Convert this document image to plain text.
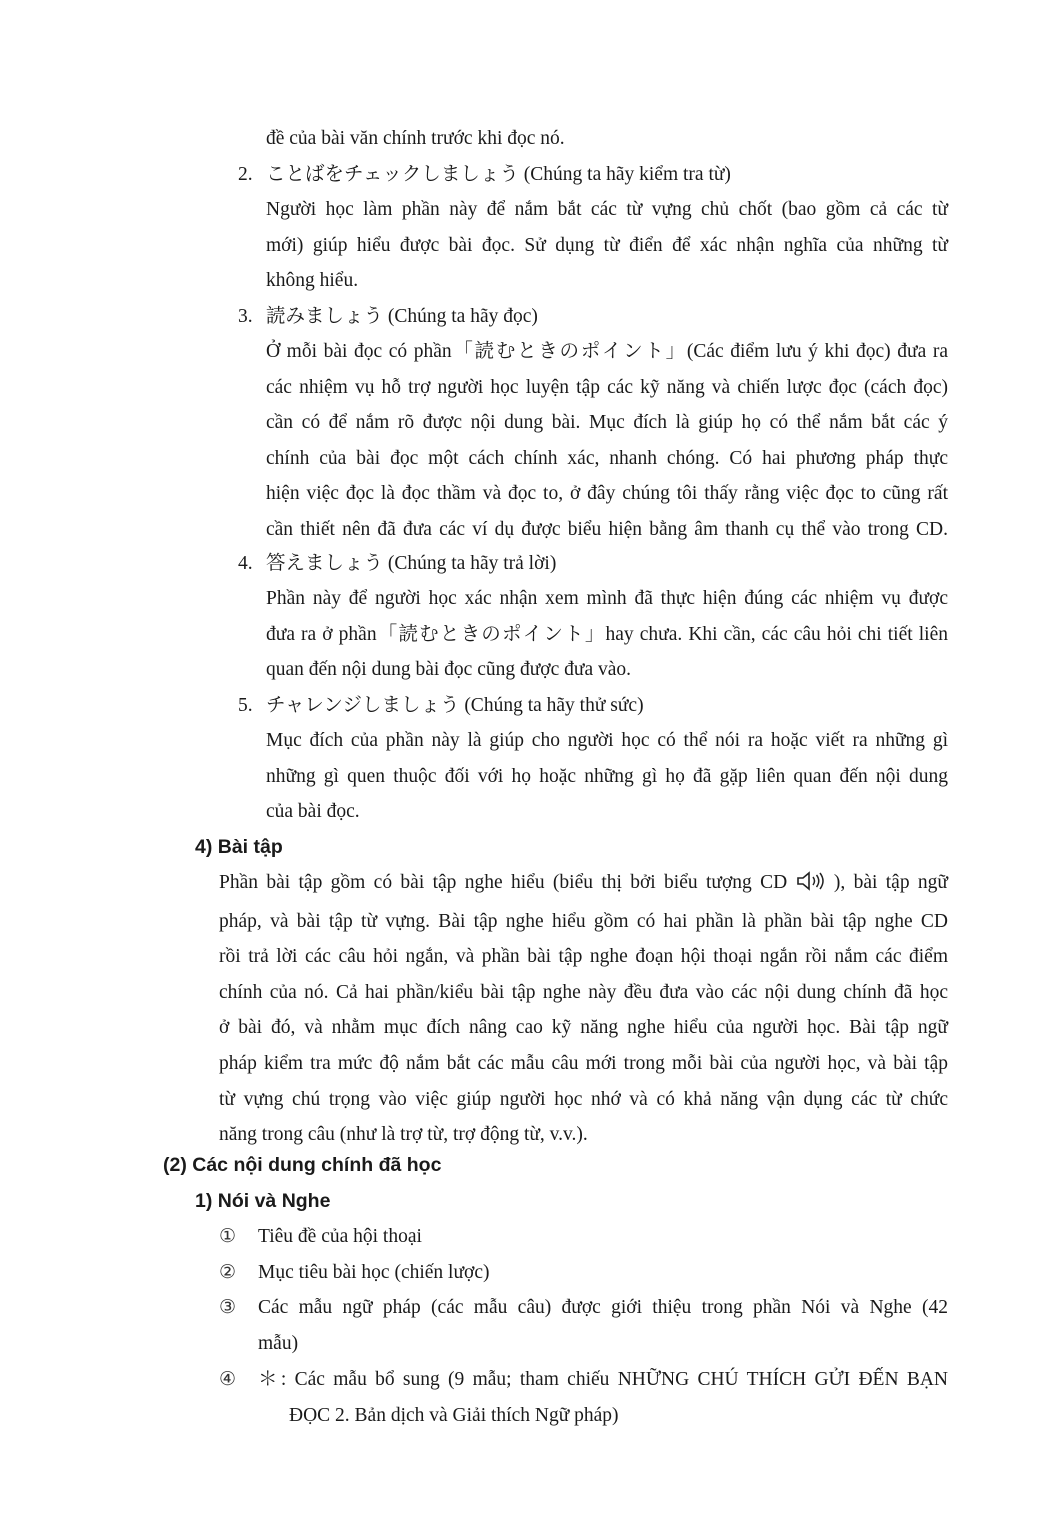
đề của bài văn chính trước khi đọc nó.
2. ことばをチェックしましょう (Chúng ta hãy kiểm tra từ)
Người học làm phần này để nắm bắt các từ vựng chủ chốt (bao gồm cả các từ
mới) giúp hiểu được bài đọc. Sử dụng từ điển để xác nhận nghĩa của những từ
không hiểu.
3. 読みましょう (Chúng ta hãy đọc)
Ở mỗi bài đọc có phần「読むときのポイント」(Các điểm lưu ý khi đọc) đưa ra
các nhiệm vụ hỗ trợ người học luyện tập các kỹ năng và chiến lược đọc (cách đọc)
cần có để nắm rõ được nội dung bài. Mục đích là giúp họ có thể nắm bắt các ý
chính của bài đọc một cách chính xác, nhanh chóng. Có hai phương pháp thực
hiện việc đọc là đọc thầm và đọc to, ở đây chúng tôi thấy rằng việc đọc to cũng rất
cần thiết nên đã đưa các ví dụ được biểu hiện bằng âm thanh cụ thể vào trong CD.
4. 答えましょう (Chúng ta hãy trả lời)
Phần này để người học xác nhận xem mình đã thực hiện đúng các nhiệm vụ được
đưa ra ở phần「読むときのポイント」hay chưa. Khi cần, các câu hỏi chi tiết liên
quan đến nội dung bài đọc cũng được đưa vào.
5. チャレンジしましょう (Chúng ta hãy thử sức)
Mục đích của phần này là giúp cho người học có thể nói ra hoặc viết ra những gì
những gì quen thuộc đối với họ hoặc những gì họ đã gặp liên quan đến nội dung
của bài đọc.
4) Bài tập
Phần bài tập gồm có bài tập nghe hiểu (biểu thị bởi biểu tượng CD ), bài tập ngữ
pháp, và bài tập từ vựng. Bài tập nghe hiểu gồm có hai phần là phần bài tập nghe CD
rồi trả lời các câu hỏi ngắn, và phần bài tập nghe đoạn hội thoại ngắn rồi nắm các điểm
chính của nó. Cả hai phần/kiểu bài tập nghe này đều đưa vào các nội dung chính đã học
ở bài đó, và nhằm mục đích nâng cao kỹ năng nghe hiểu của người học. Bài tập ngữ
pháp kiểm tra mức độ nắm bắt các mẫu câu mới trong mỗi bài của người học, và bài tập
từ vựng chú trọng vào việc giúp người học nhớ và có khả năng vận dụng các từ chức
năng trong câu (như là trợ từ, trợ động từ, v.v.).
(2) Các nội dung chính đã học
1) Nói và Nghe
① Tiêu đề của hội thoại
② Mục tiêu bài học (chiến lược)
③ Các mẫu ngữ pháp (các mẫu câu) được giới thiệu trong phần Nói và Nghe (42
mẫu)
④ ＊: Các mẫu bổ sung (9 mẫu; tham chiếu NHỮNG CHÚ THÍCH GỬI ĐẾN BẠN
ĐỌC 2. Bản dịch và Giải thích Ngữ pháp)
